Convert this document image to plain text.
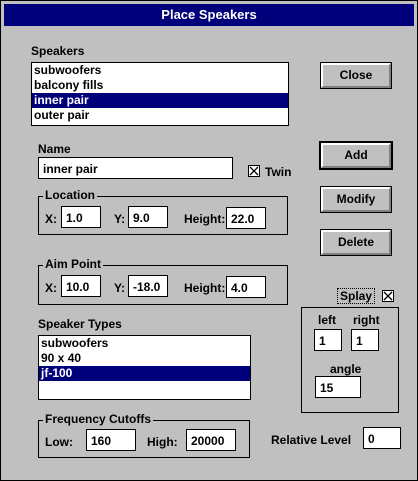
Place Speakers
Speakers
subwoofers
balcony fills
inner pair
outer pair
Close
Add
Modify
Delete
Name
inner pair	Twin
Location
X: 1.0	Y: 9.0	Height: 22.0
Aim Point
X: 10.0	Y: -18.0	Height: 4.0
Splay
left
1
right
1
angle
15
Speaker Types
subwoofers
90 x 40
jf-100
Frequency Cutoffs
Low:	160	High:	20000	Relative Level	0
